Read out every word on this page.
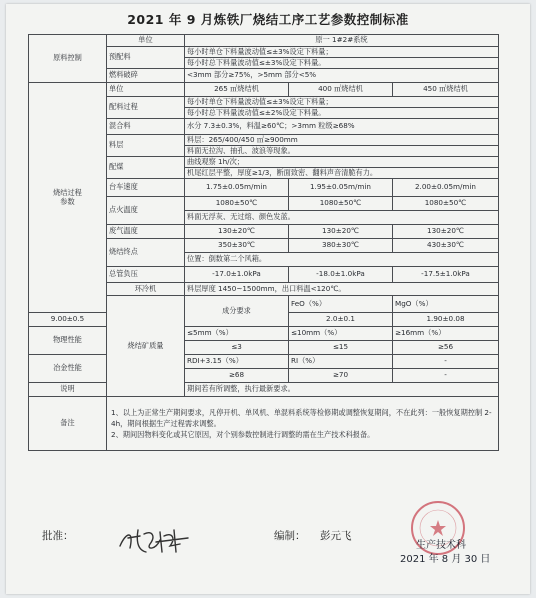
2021 年 9 月炼铁厂烧结工序工艺参数控制标准
原料控制	单位	原一 1#2#系统			
	预配料	每小时单仓下料量波动值≤±3%设定下料量；			
		每小时总下料量波动值≤±3%设定下料量。			
	燃料破碎	<3mm 部分≥75%，>5mm 部分<5%			
烧结过程
参数	单位	265 ㎡烧结机	400 ㎡烧结机	450 ㎡烧结机	
	配料过程	每小时单仓下料量波动值≤±3%设定下料量；			
		每小时总下料量波动值≤±2%设定下料量。			
	混合料	水分 7.3±0.3%，料温≥60℃；>3mm 粒级≥68%			
	料层	料层：265/400/450 ㎡≥900mm			
		料面无拉沟、抽孔、波浪等现象。			
	配煤	曲线观察 1h/次；			
		机尾红层平整，厚度≥1/3，断面致密、翻料声音清脆有力。			
	台车速度	1.75±0.05m/min	1.95±0.05m/min	2.00±0.05m/min	
	点火温度	1080±50℃	1080±50℃	1080±50℃	
		料面无浮灰、无过熔、颜色发蓝。			
	废气温度	130±20℃	130±20℃	130±20℃	
	烧结终点	350±30℃	380±30℃	430±30℃	
		位置：倒数第二个风箱。			
	总管负压	-17.0±1.0kPa	-18.0±1.0kPa	-17.5±1.0kPa	
	环冷机	料层厚度 1450~1500mm，出口料温<120℃。			
	烧结矿质量	成分要求	FeO（%）	MgO（%）	
9.00±0.5			2.0±0.1	1.90±0.08	
物理性能		≤5mm（%）	≤10mm（%）	≥16mm（%）	
		≤3	≤15	≥56	
冶金性能		RDI+3.15（%）	RI（%）	-	
		≥68	≥70	-	
说明		期间若有所调整，执行最新要求。			
备注	1、以上为正常生产期间要求，凡停开机、单风机、单混料系统等检修期或调整恢复期间，不在此列：一般恢复期控制 2-4h，期间根据生产过程需求调整。
2、期间因物料变化或其它原因，对个别参数控制进行调整的需在生产技术科报备。				
批准：	编制： 彭元飞
生产技术科
2021 年 8 月 30 日
